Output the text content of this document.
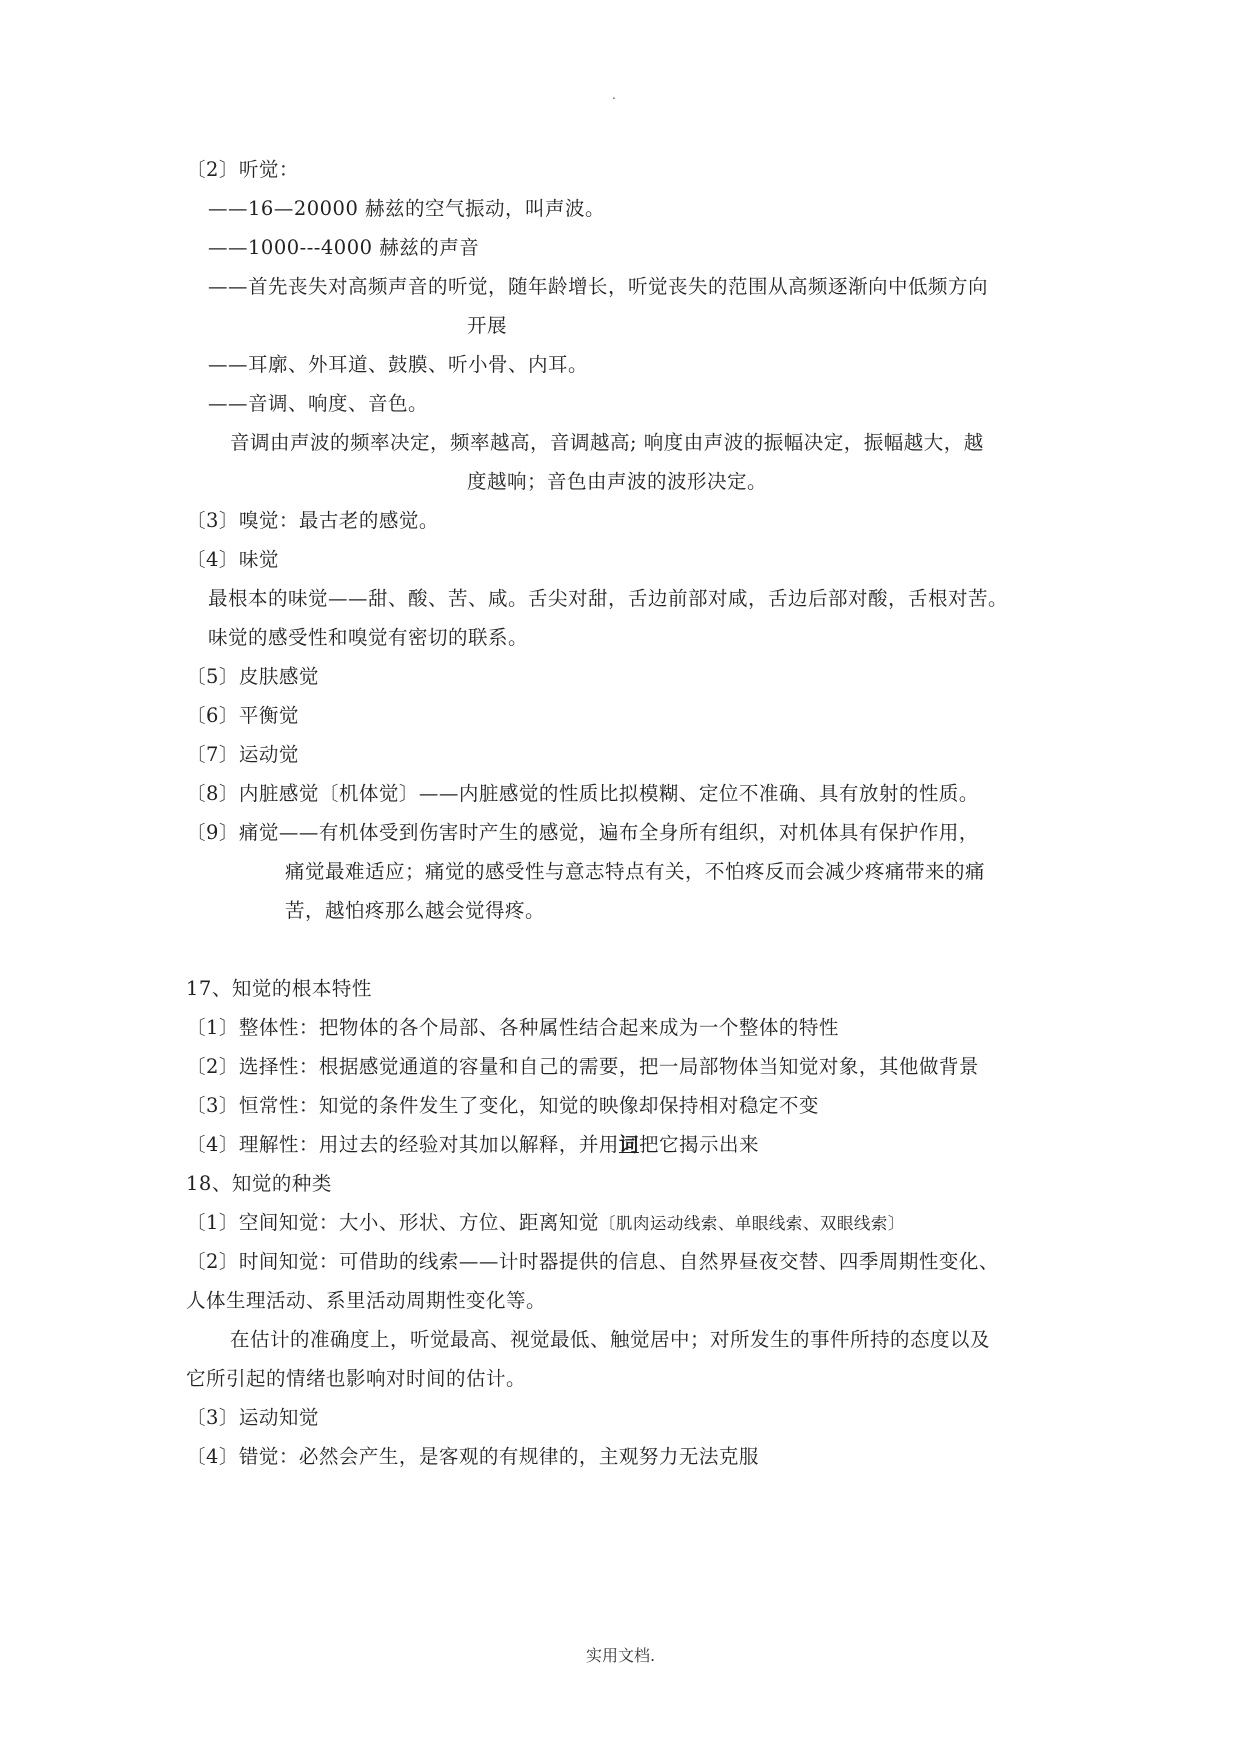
.
〔2〕听觉：
——16—20000 赫兹的空气振动，叫声波。
——1000---4000 赫兹的声音
——首先丧失对高频声音的听觉，随年龄增长，听觉丧失的范围从高频逐渐向中低频方向
开展
——耳廓、外耳道、鼓膜、听小骨、内耳。
——音调、响度、音色。
音调由声波的频率决定，频率越高，音调越高; 响度由声波的振幅决定，振幅越大，越
度越响；音色由声波的波形决定。
〔3〕嗅觉：最古老的感觉。
〔4〕味觉
最根本的味觉——甜、酸、苦、咸。舌尖对甜，舌边前部对咸，舌边后部对酸，舌根对苦。
味觉的感受性和嗅觉有密切的联系。
〔5〕皮肤感觉
〔6〕平衡觉
〔7〕运动觉
〔8〕内脏感觉〔机体觉〕——内脏感觉的性质比拟模糊、定位不准确、具有放射的性质。
〔9〕痛觉——有机体受到伤害时产生的感觉，遍布全身所有组织，对机体具有保护作用，
痛觉最难适应；痛觉的感受性与意志特点有关，不怕疼反而会减少疼痛带来的痛
苦，越怕疼那么越会觉得疼。
17、知觉的根本特性
〔1〕整体性：把物体的各个局部、各种属性结合起来成为一个整体的特性
〔2〕选择性：根据感觉通道的容量和自己的需要，把一局部物体当知觉对象，其他做背景
〔3〕恒常性：知觉的条件发生了变化，知觉的映像却保持相对稳定不变
〔4〕理解性：用过去的经验对其加以解释，并用词把它揭示出来
18、知觉的种类
〔1〕空间知觉：大小、形状、方位、距离知觉〔肌肉运动线索、单眼线索、双眼线索〕
〔2〕时间知觉：可借助的线索——计时器提供的信息、自然界昼夜交替、四季周期性变化、
人体生理活动、系里活动周期性变化等。
在估计的准确度上，听觉最高、视觉最低、触觉居中；对所发生的事件所持的态度以及
它所引起的情绪也影响对时间的估计。
〔3〕运动知觉
〔4〕错觉：必然会产生，是客观的有规律的，主观努力无法克服
实用文档.
